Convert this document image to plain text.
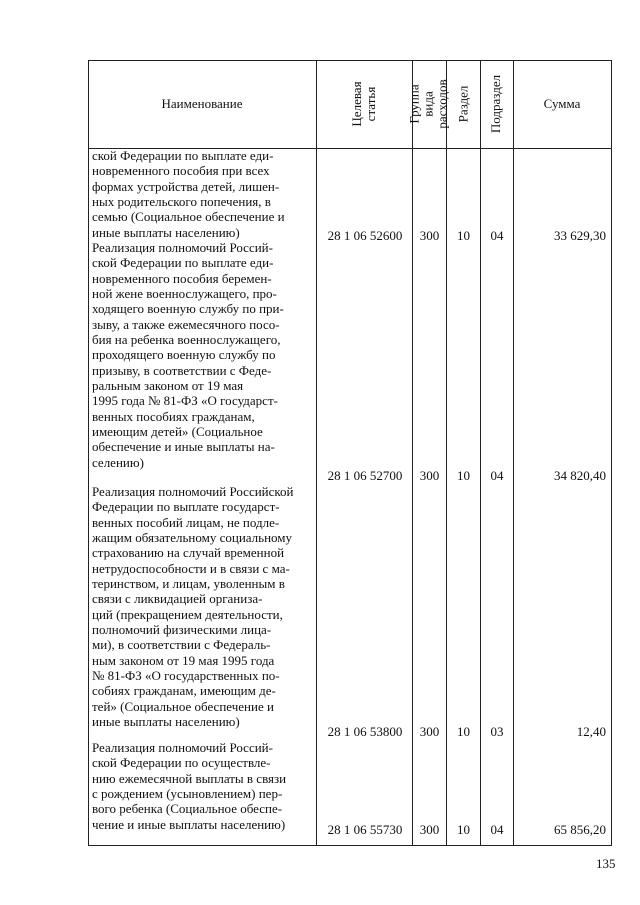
Наименование	Целевая статья Группа вида расходов Раздел Подраздел	Сумма
ской Федерации по выплате еди-
новременного пособия при всех
формах устройства детей, лишен-
ных родительского попечения, в
семью (Социальное обеспечение и
иные выплаты населению)	28 1 06 52600	300	10	04	33 629,30
Реализация полномочий Россий-
ской Федерации по выплате еди-
новременного пособия беремен-
ной жене военнослужащего, про-
ходящего военную службу по при-
зыву, а также ежемесячного посо-
бия на ребенка военнослужащего,
проходящего военную службу по
призыву, в соответствии с Феде-
ральным законом от 19 мая
1995 года № 81-ФЗ «О государст-
венных пособиях гражданам,
имеющим детей» (Социальное
обеспечение и иные выплаты на-
селению)
28 1 06 52700	300	10	04	34 820,40
Реализация полномочий Российской
Федерации по выплате государст-
венных пособий лицам, не подле-
жащим обязательному социальному
страхованию на случай временной
нетрудоспособности и в связи с ма-
теринством, и лицам, уволенным в
связи с ликвидацией организа-
ций (прекращением деятельности,
полномочий физическими лица-
ми), в соответствии с Федераль-
ным законом от 19 мая 1995 года
№ 81-ФЗ «О государственных по-
собиях гражданам, имеющим де-
тей» (Социальное обеспечение и
иные выплаты населению)
28 1 06 53800	300	10	03	12,40
Реализация полномочий Россий-
ской Федерации по осуществле-
нию ежемесячной выплаты в связи
с рождением (усыновлением) пер-
вого ребенка (Социальное обеспе-
чение и иные выплаты населению)	28 1 06 55730	300	10	04	65 856,20
135
